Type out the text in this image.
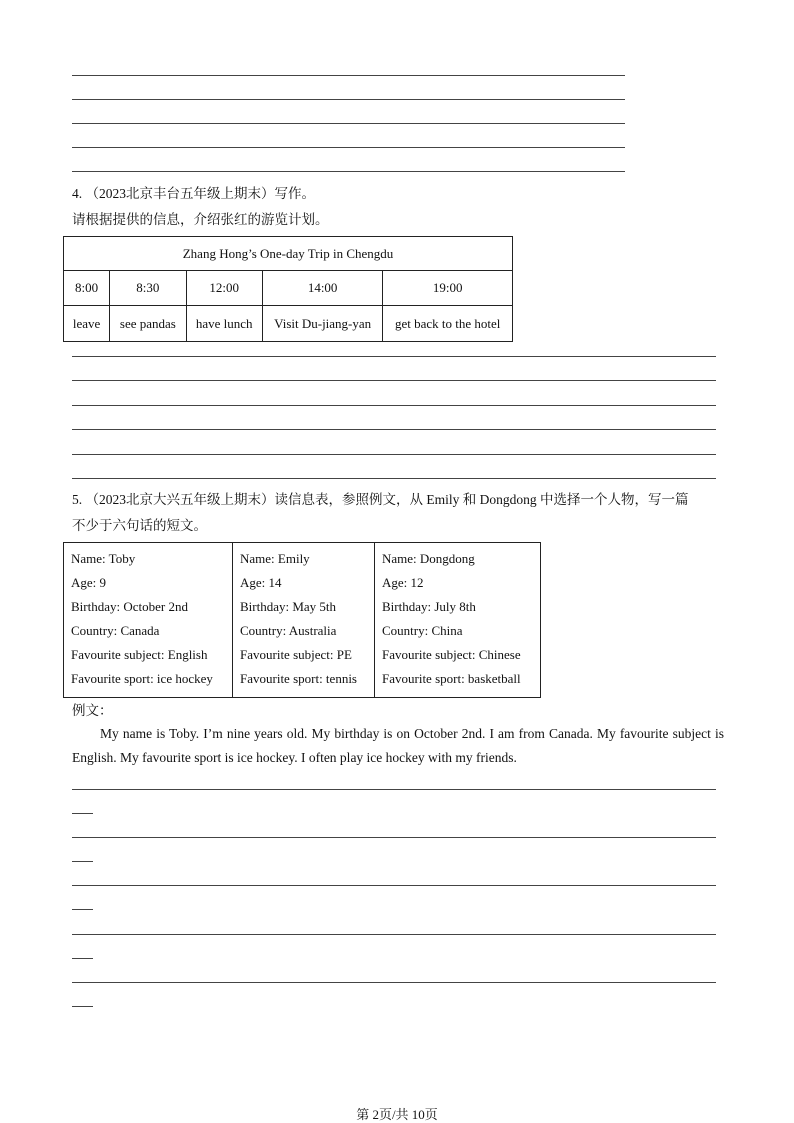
4. （2023北京丰台五年级上期末）写作。
请根据提供的信息，介绍张红的游览计划。
Zhang Hong’s One-day Trip in Chengdu				
8:00	8:30	12:00	14:00	19:00
leave	see pandas	have lunch	Visit Du-jiang-yan	get back to the hotel
5. （2023北京大兴五年级上期末）读信息表，参照例文，从 Emily 和 Dongdong 中选择一个人物，写一篇
不少于六句话的短文。
Name: Toby
Age: 9
Birthday: October 2nd
Country: Canada
Favourite subject: English
Favourite sport: ice hockey

Name: Emily
Age: 14
Birthday: May 5th
Country: Australia
Favourite subject: PE
Favourite sport: tennis

Name: Dongdong
Age: 12
Birthday: July 8th
Country: China
Favourite subject: Chinese
Favourite sport: basketball
例文：
My name is Toby. I’m nine years old. My birthday is on October 2nd. I am from Canada. My favourite subject is English. My favourite sport is ice hockey. I often play ice hockey with my friends.
第 2页/共 10页
